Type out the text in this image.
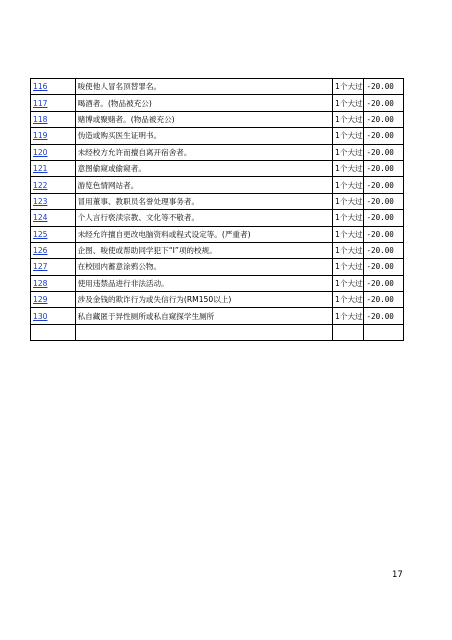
116	唆使他人冒名顶替罪名。	1个大过	-20.00
117	喝酒者。(物品被充公)	1个大过	-20.00
118	赌博或聚赌者。(物品被充公)	1个大过	-20.00
119	伪造或购买医生证明书。	1个大过	-20.00
120	未经校方允许而擅自离开宿舍者。	1个大过	-20.00
121	意图偷窥或偷窥者。	1个大过	-20.00
122	游览色情网站者。	1个大过	-20.00
123	冒用董事、教职员名誉处理事务者。	1个大过	-20.00
124	个人言行亵渎宗教、文化等不敬者。	1个大过	-20.00
125	未经允许擅自更改电脑资料或程式设定等。(严重者)	1个大过	-20.00
126	企图、唆使或帮助同学犯下“I”项的校规。	1个大过	-20.00
127	在校园内蓄意涂鸦公物。	1个大过	-20.00
128	使用违禁品进行非法活动。	1个大过	-20.00
129	涉及金钱的欺诈行为或失信行为(RM150以上)	1个大过	-20.00
130	私自藏匿于异性厕所或私自窥探学生厕所	1个大过	-20.00

17
